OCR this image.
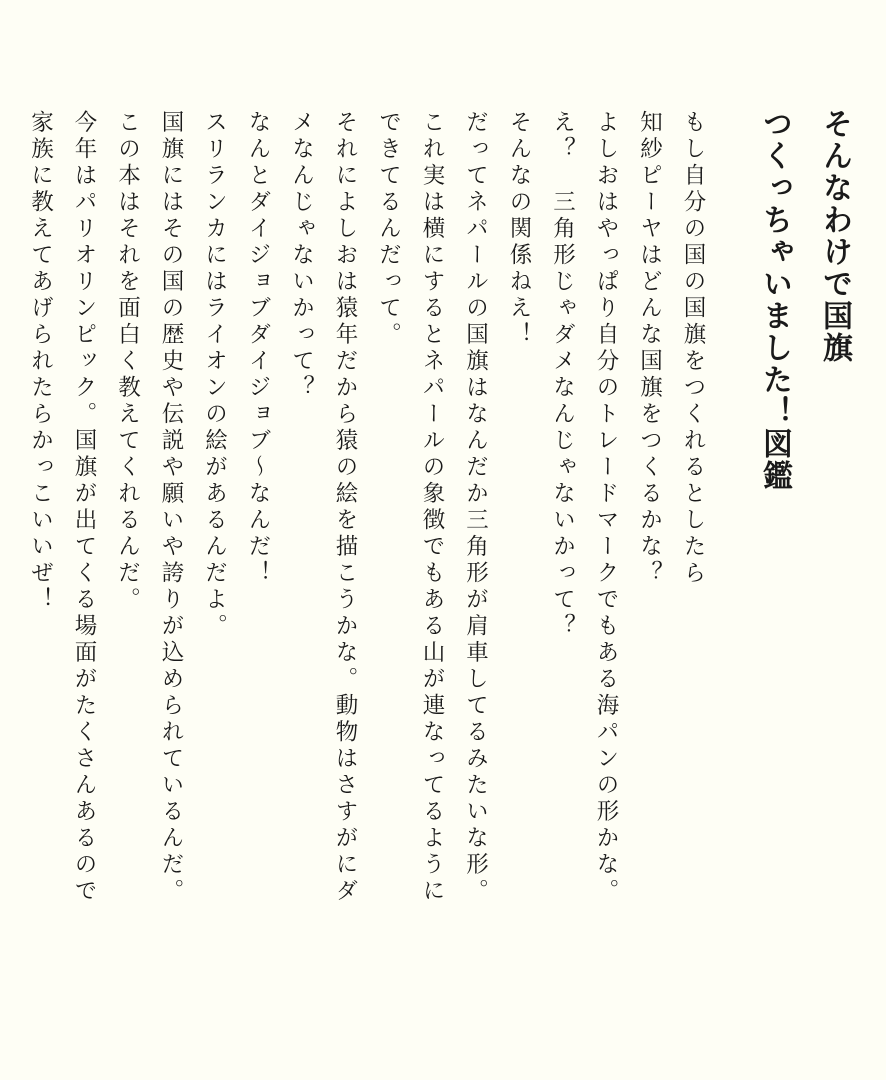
そんなわけで国旗
つくっちゃいました！図鑑
もし自分の国の国旗をつくれるとしたら
知紗ピーヤはどんな国旗をつくるかな？
よしおはやっぱり自分のトレードマークでもある海パンの形かな。
え？　三角形じゃダメなんじゃないかって？
そんなの関係ねえ！
だってネパールの国旗はなんだか三角形が肩車してるみたいな形。
これ実は横にするとネパールの象徴でもある山が連なってるように
できてるんだって。
それによしおは猿年だから猿の絵を描こうかな。動物はさすがにダ
メなんじゃないかって？
なんとダイジョブダイジョブ～なんだ！
スリランカにはライオンの絵があるんだよ。
国旗にはその国の歴史や伝説や願いや誇りが込められているんだ。
この本はそれを面白く教えてくれるんだ。
今年はパリオリンピック。国旗が出てくる場面がたくさんあるので
家族に教えてあげられたらかっこいいぜ！
